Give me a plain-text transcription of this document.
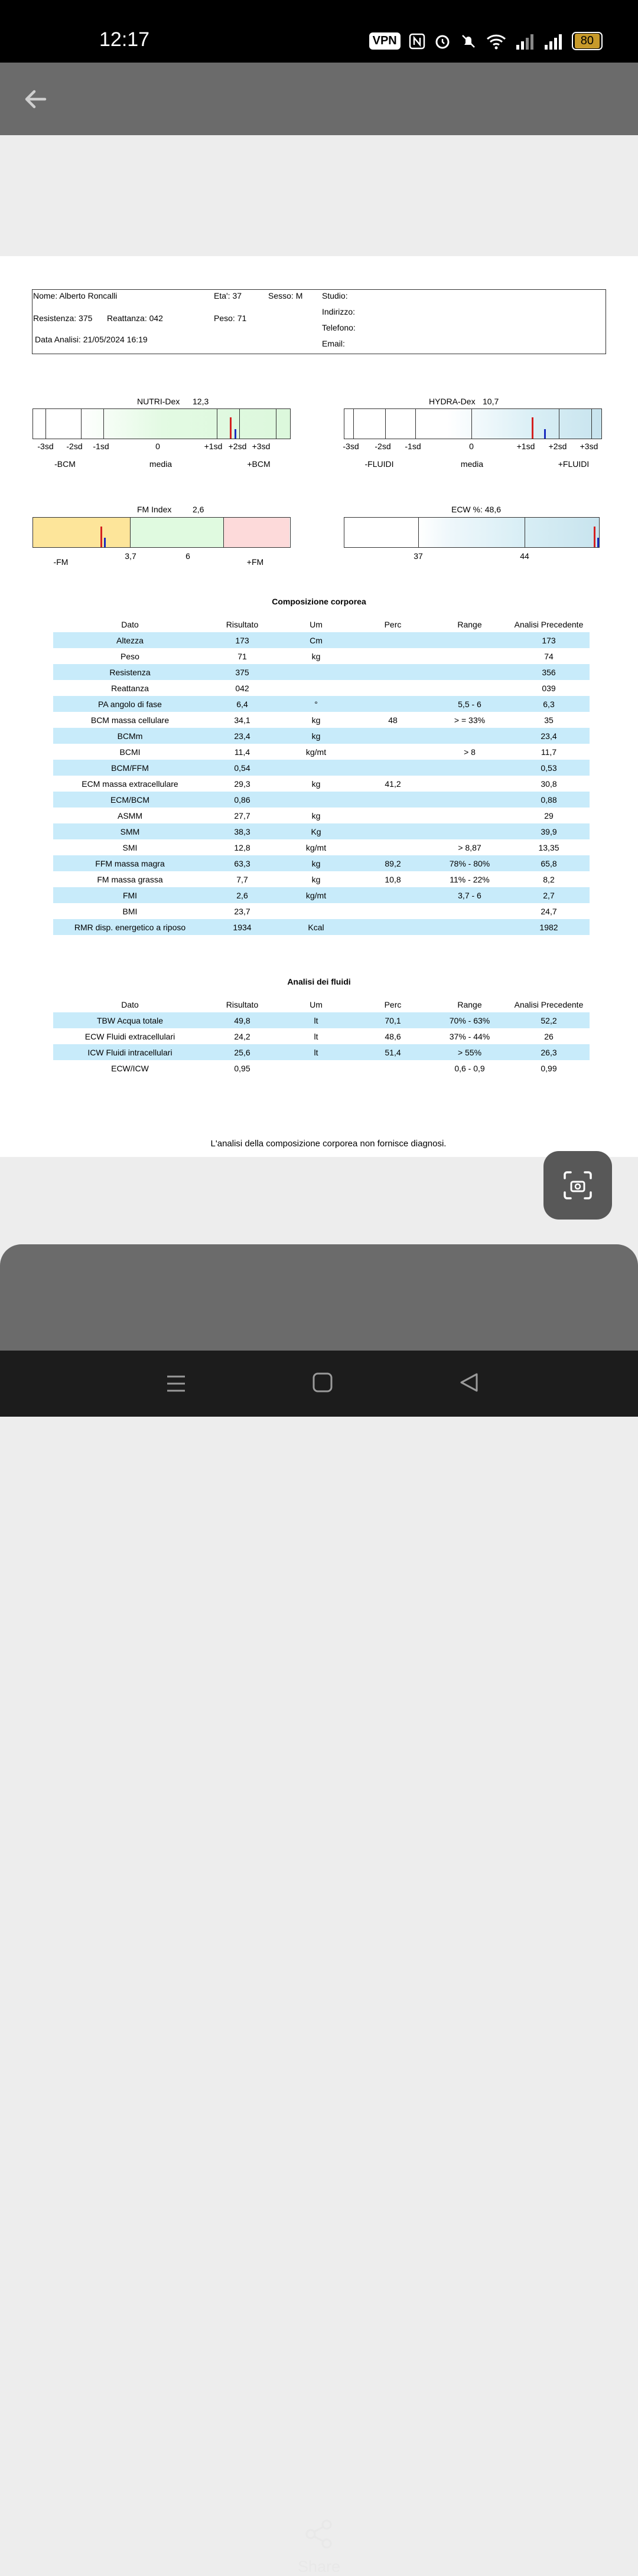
12:17	VPN	80
Nome: Alberto Roncalli	Eta': 37	Sesso: M Studio:
Indirizzo:
Resistenza: 375 Reattanza: 042	Peso: 71
Telefono:
Data Analisi: 21/05/2024 16:19	Email:
NUTRI-Dex 12,3
-3sd -2sd -1sd	0	+1sd +2sd +3sd
-BCM	media	+BCM
HYDRA-Dex 10,7
-3sd -2sd -1sd	0	+1sd +2sd +3sd
-FLUIDI	media	+FLUIDI
FM Index	2,6
3,7	6
-FM	+FM
ECW %: 48,6
37	44
Composizione corporea
Dato	Risultato	Um	Perc	Range	Analisi Precedente
Altezza	173	Cm			173
Peso	71	kg			74
Resistenza	375				356
Reattanza	042				039
PA angolo di fase	6,4	°		5,5 - 6	6,3
BCM massa cellulare	34,1	kg	48	> = 33%	35
BCMm	23,4	kg			23,4
BCMI	11,4	kg/mt		> 8	11,7
BCM/FFM	0,54				0,53
ECM massa extracellulare	29,3	kg	41,2		30,8
ECM/BCM	0,86				0,88
ASMM	27,7	kg			29
SMM	38,3	Kg			39,9
SMI	12,8	kg/mt		> 8,87	13,35
FFM massa magra	63,3	kg	89,2	78% - 80%	65,8
FM massa grassa	7,7	kg	10,8	11% - 22%	8,2
FMI	2,6	kg/mt		3,7 - 6	2,7
BMI	23,7				24,7
RMR disp. energetico a riposo	1934	Kcal			1982
Analisi dei fluidi
Dato	Risultato	Um	Perc	Range	Analisi Precedente
TBW Acqua totale	49,8	lt	70,1	70% - 63%	52,2
ECW Fluidi extracellulari	24,2	lt	48,6	37% - 44%	26
ICW Fluidi intracellulari	25,6	lt	51,4	> 55%	26,3
ECW/ICW	0,95			0,6 - 0,9	0,99
L'analisi della composizione corporea non fornisce diagnosi.
Share
